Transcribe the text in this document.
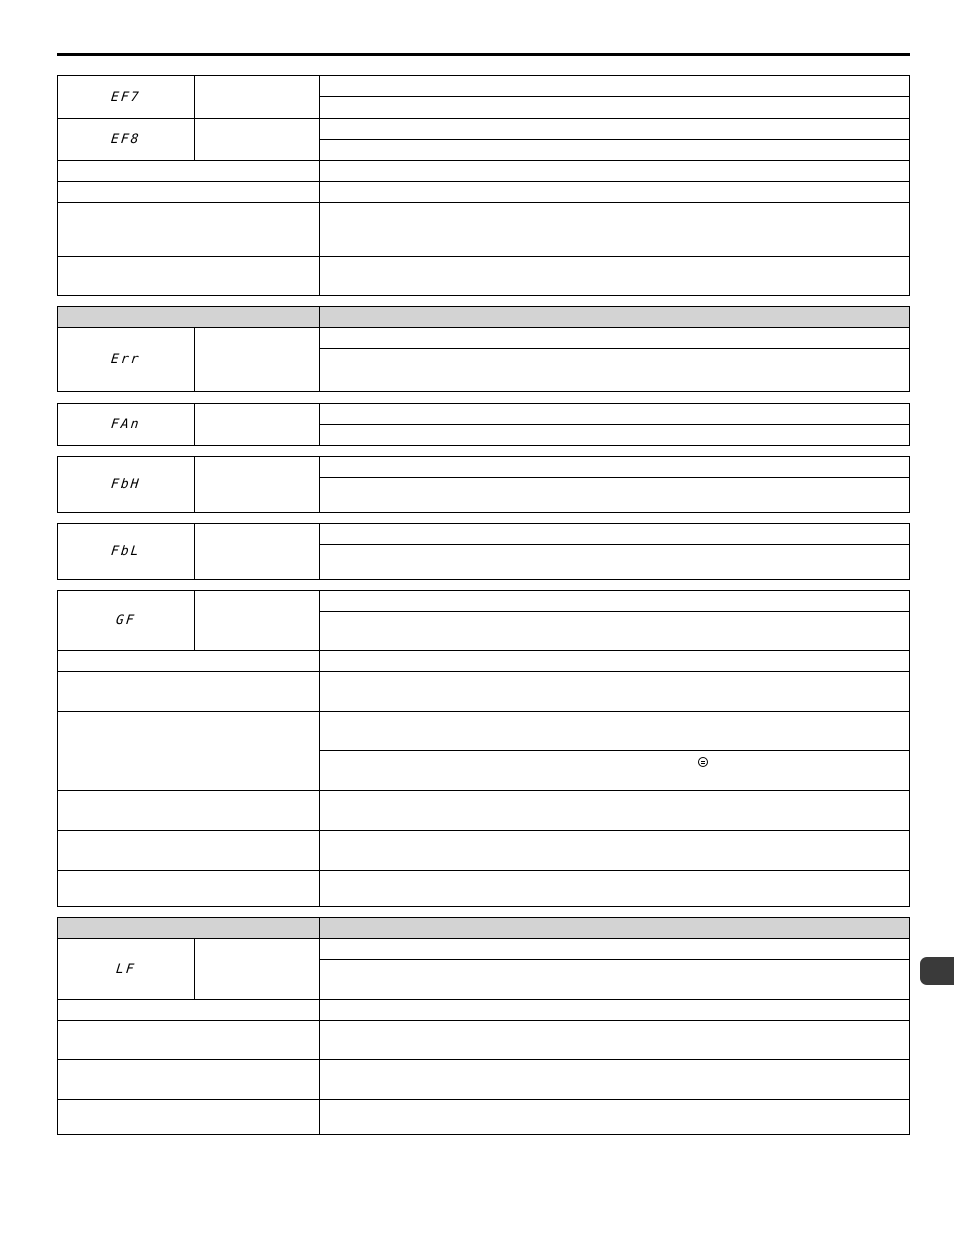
EF7
EF8
Err
FAn
FbH
FbL
GF
LF
